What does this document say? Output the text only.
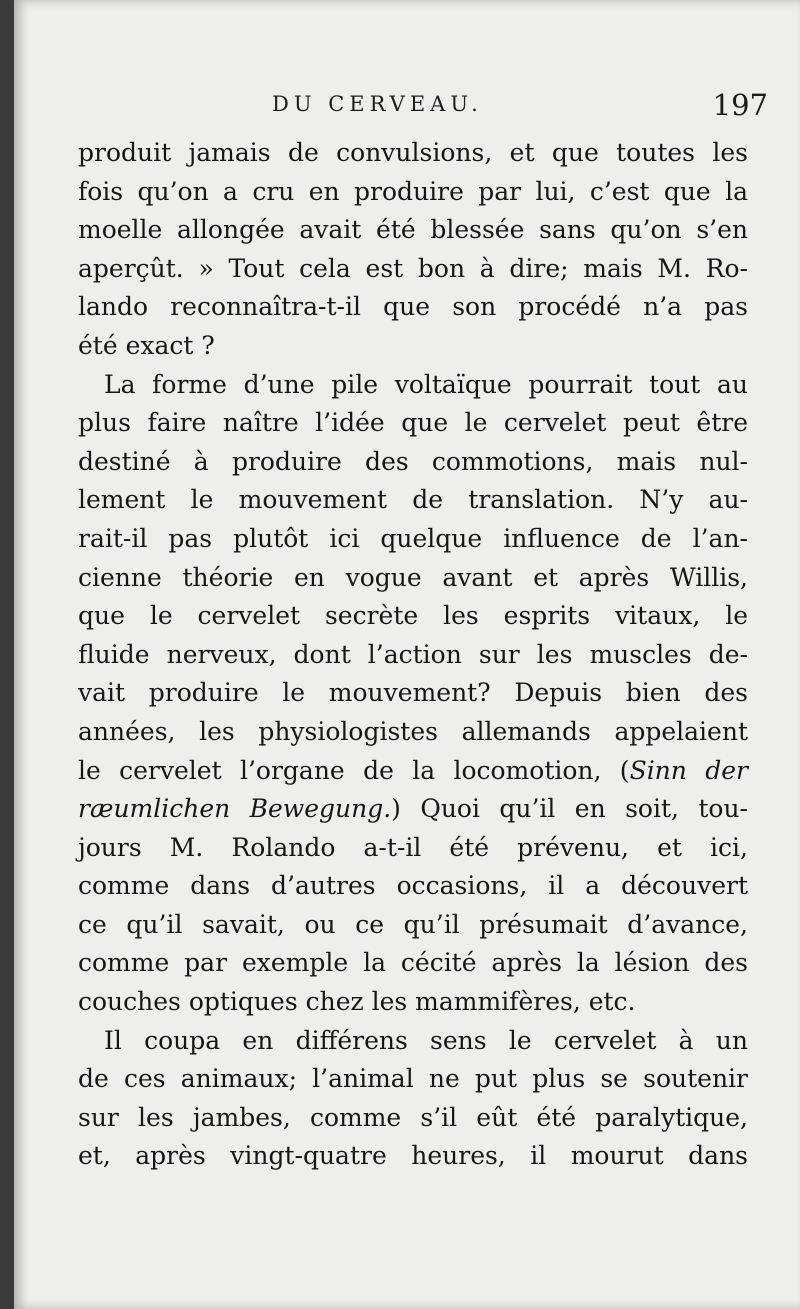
DU CERVEAU.	197
produit jamais de convulsions, et que toutes les
fois qu’on a cru en produire par lui, c’est que la
moelle allongée avait été blessée sans qu’on s’en
aperçût. » Tout cela est bon à dire; mais M. Ro-
lando reconnaîtra-t-il que son procédé n’a pas
été exact ?
La forme d’une pile voltaïque pourrait tout au
plus faire naître l’idée que le cervelet peut être
destiné à produire des commotions, mais nul-
lement le mouvement de translation. N’y au-
rait-il pas plutôt ici quelque influence de l’an-
cienne théorie en vogue avant et après Willis,
que le cervelet secrète les esprits vitaux, le
fluide nerveux, dont l’action sur les muscles de-
vait produire le mouvement? Depuis bien des
années, les physiologistes allemands appelaient
le cervelet l’organe de la locomotion, (Sinn der
ræumlichen Bewegung.) Quoi qu’il en soit, tou-
jours M. Rolando a-t-il été prévenu, et ici,
comme dans d’autres occasions, il a découvert
ce qu’il savait, ou ce qu’il présumait d’avance,
comme par exemple la cécité après la lésion des
couches optiques chez les mammifères, etc.
Il coupa en différens sens le cervelet à un
de ces animaux; l’animal ne put plus se soutenir
sur les jambes, comme s’il eût été paralytique,
et, après vingt-quatre heures, il mourut dans
